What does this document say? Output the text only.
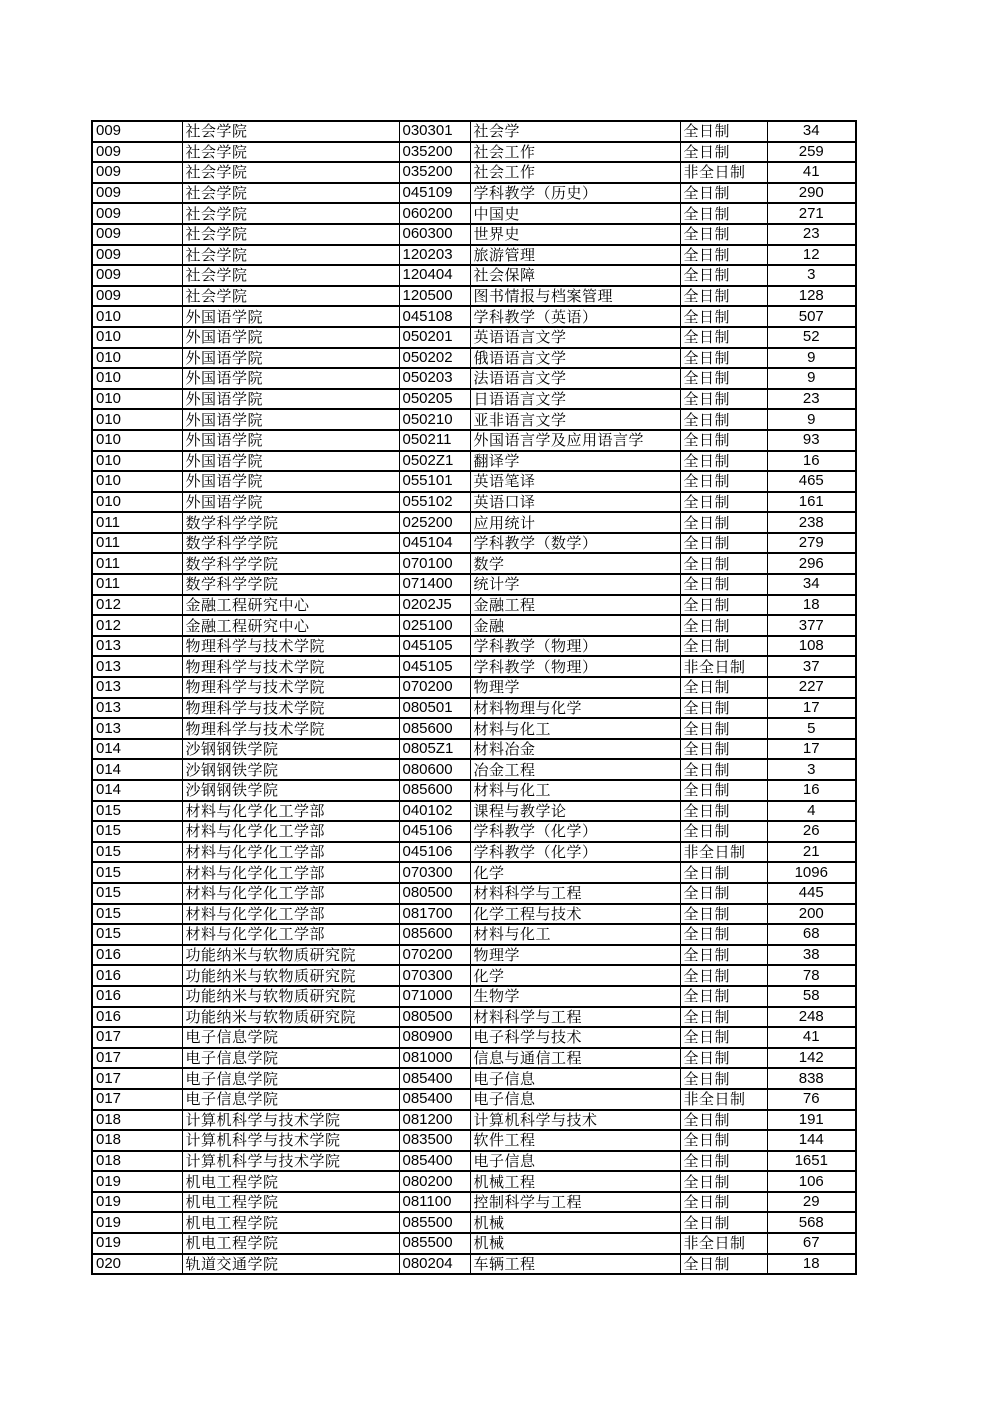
009	社会学院	030301	社会学	全日制	34
009	社会学院	035200	社会工作	全日制	259
009	社会学院	035200	社会工作	非全日制	41
009	社会学院	045109	学科教学（历史）	全日制	290
009	社会学院	060200	中国史	全日制	271
009	社会学院	060300	世界史	全日制	23
009	社会学院	120203	旅游管理	全日制	12
009	社会学院	120404	社会保障	全日制	3
009	社会学院	120500	图书情报与档案管理	全日制	128
010	外国语学院	045108	学科教学（英语）	全日制	507
010	外国语学院	050201	英语语言文学	全日制	52
010	外国语学院	050202	俄语语言文学	全日制	9
010	外国语学院	050203	法语语言文学	全日制	9
010	外国语学院	050205	日语语言文学	全日制	23
010	外国语学院	050210	亚非语言文学	全日制	9
010	外国语学院	050211	外国语言学及应用语言学	全日制	93
010	外国语学院	0502Z1	翻译学	全日制	16
010	外国语学院	055101	英语笔译	全日制	465
010	外国语学院	055102	英语口译	全日制	161
011	数学科学学院	025200	应用统计	全日制	238
011	数学科学学院	045104	学科教学（数学）	全日制	279
011	数学科学学院	070100	数学	全日制	296
011	数学科学学院	071400	统计学	全日制	34
012	金融工程研究中心	0202J5	金融工程	全日制	18
012	金融工程研究中心	025100	金融	全日制	377
013	物理科学与技术学院	045105	学科教学（物理）	全日制	108
013	物理科学与技术学院	045105	学科教学（物理）	非全日制	37
013	物理科学与技术学院	070200	物理学	全日制	227
013	物理科学与技术学院	080501	材料物理与化学	全日制	17
013	物理科学与技术学院	085600	材料与化工	全日制	5
014	沙钢钢铁学院	0805Z1	材料冶金	全日制	17
014	沙钢钢铁学院	080600	冶金工程	全日制	3
014	沙钢钢铁学院	085600	材料与化工	全日制	16
015	材料与化学化工学部	040102	课程与教学论	全日制	4
015	材料与化学化工学部	045106	学科教学（化学）	全日制	26
015	材料与化学化工学部	045106	学科教学（化学）	非全日制	21
015	材料与化学化工学部	070300	化学	全日制	1096
015	材料与化学化工学部	080500	材料科学与工程	全日制	445
015	材料与化学化工学部	081700	化学工程与技术	全日制	200
015	材料与化学化工学部	085600	材料与化工	全日制	68
016	功能纳米与软物质研究院	070200	物理学	全日制	38
016	功能纳米与软物质研究院	070300	化学	全日制	78
016	功能纳米与软物质研究院	071000	生物学	全日制	58
016	功能纳米与软物质研究院	080500	材料科学与工程	全日制	248
017	电子信息学院	080900	电子科学与技术	全日制	41
017	电子信息学院	081000	信息与通信工程	全日制	142
017	电子信息学院	085400	电子信息	全日制	838
017	电子信息学院	085400	电子信息	非全日制	76
018	计算机科学与技术学院	081200	计算机科学与技术	全日制	191
018	计算机科学与技术学院	083500	软件工程	全日制	144
018	计算机科学与技术学院	085400	电子信息	全日制	1651
019	机电工程学院	080200	机械工程	全日制	106
019	机电工程学院	081100	控制科学与工程	全日制	29
019	机电工程学院	085500	机械	全日制	568
019	机电工程学院	085500	机械	非全日制	67
020	轨道交通学院	080204	车辆工程	全日制	18
